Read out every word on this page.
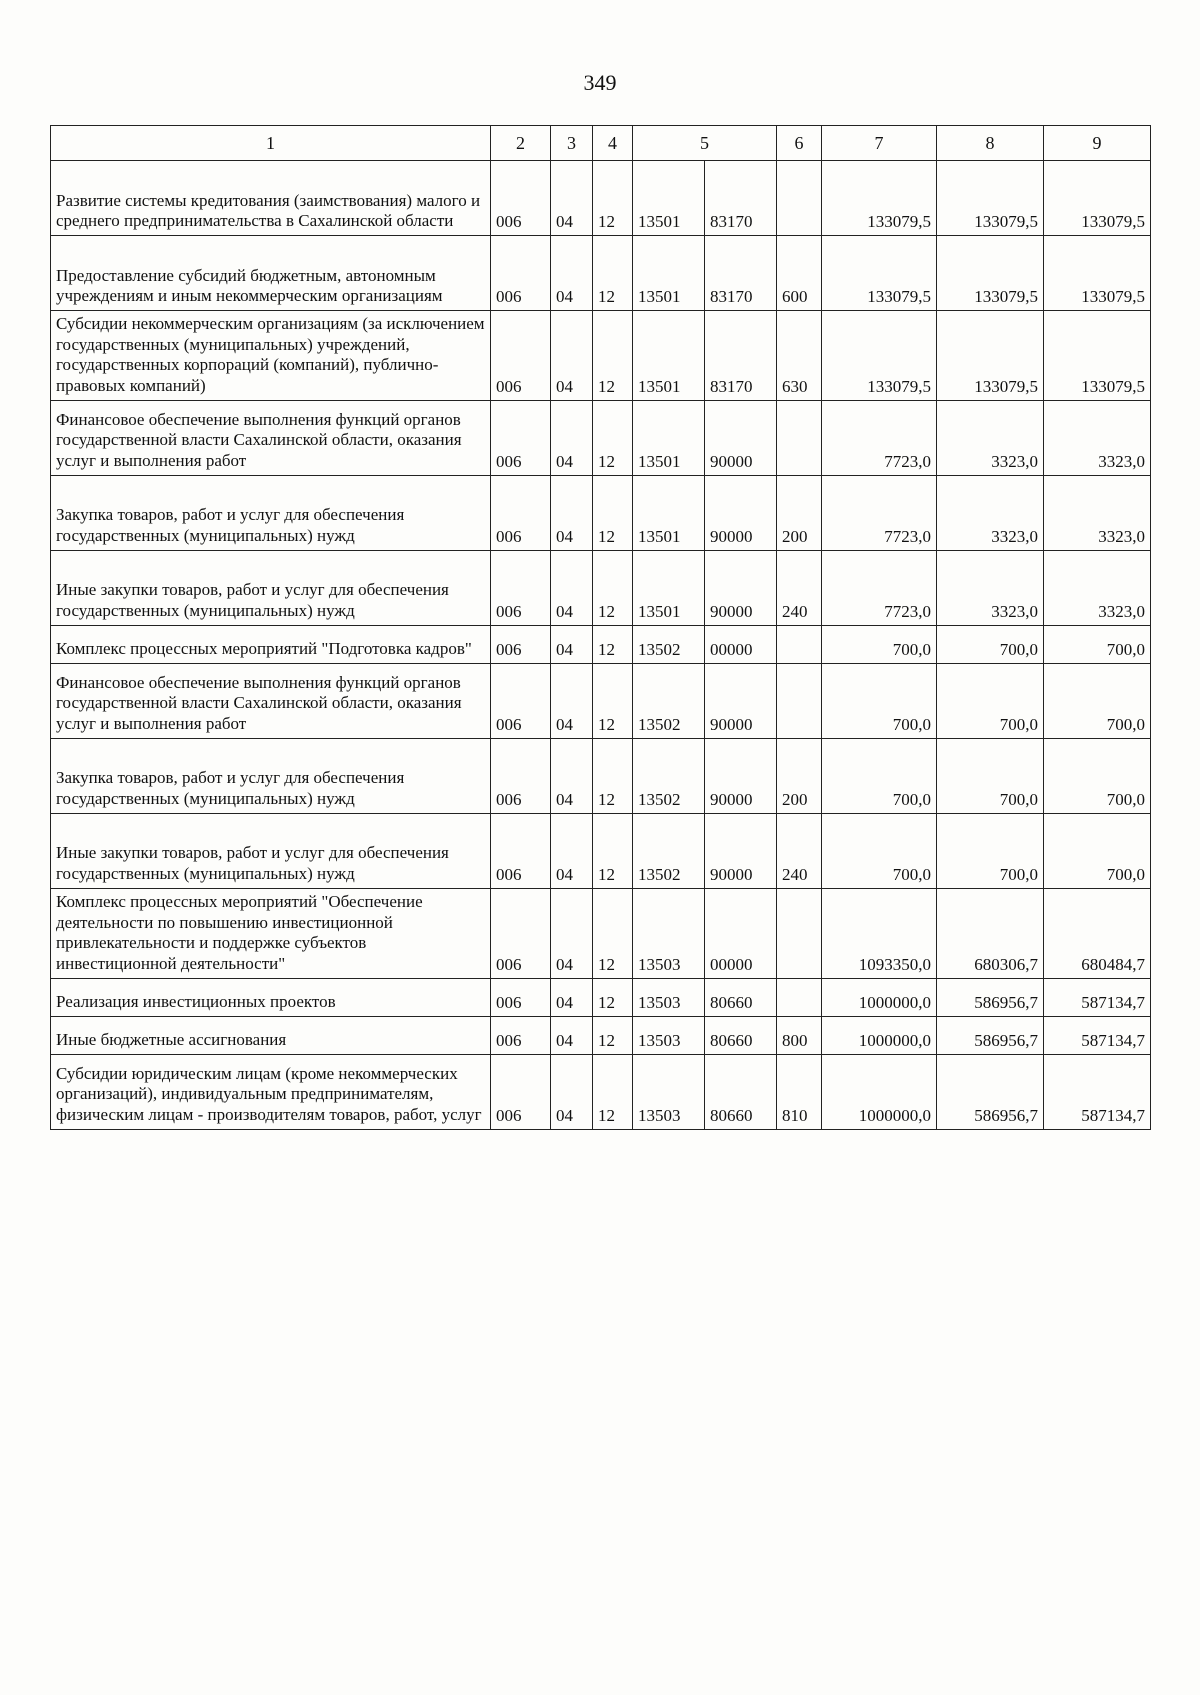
349
1	2	3	4	5		6	7	8	9
Развитие системы кредитования (заимствования) малого и среднего предпринимательства в Сахалинской области	006	04	12	13501	83170		133079,5	133079,5	133079,5
Предоставление субсидий бюджетным, автономным учреждениям и иным некоммерческим организациям	006	04	12	13501	83170	600	133079,5	133079,5	133079,5
Субсидии некоммерческим организациям (за исключением государственных (муниципальных) учреждений, государственных корпораций (компаний), публично-правовых компаний)	006	04	12	13501	83170	630	133079,5	133079,5	133079,5
Финансовое обеспечение выполнения функций органов государственной власти Сахалинской области, оказания услуг и выполнения работ	006	04	12	13501	90000		7723,0	3323,0	3323,0
Закупка товаров, работ и услуг для обеспечения государственных (муниципальных) нужд	006	04	12	13501	90000	200	7723,0	3323,0	3323,0
Иные закупки товаров, работ и услуг для обеспечения государственных (муниципальных) нужд	006	04	12	13501	90000	240	7723,0	3323,0	3323,0
Комплекс процессных мероприятий "Подготовка кадров"	006	04	12	13502	00000		700,0	700,0	700,0
Финансовое обеспечение выполнения функций органов государственной власти Сахалинской области, оказания услуг и выполнения работ	006	04	12	13502	90000		700,0	700,0	700,0
Закупка товаров, работ и услуг для обеспечения государственных (муниципальных) нужд	006	04	12	13502	90000	200	700,0	700,0	700,0
Иные закупки товаров, работ и услуг для обеспечения государственных (муниципальных) нужд	006	04	12	13502	90000	240	700,0	700,0	700,0
Комплекс процессных мероприятий "Обеспечение деятельности по повышению инвестиционной привлекательности и поддержке субъектов инвестиционной деятельности"	006	04	12	13503	00000		1093350,0	680306,7	680484,7
Реализация инвестиционных проектов	006	04	12	13503	80660		1000000,0	586956,7	587134,7
Иные бюджетные ассигнования	006	04	12	13503	80660	800	1000000,0	586956,7	587134,7
Субсидии юридическим лицам (кроме некоммерческих организаций), индивидуальным предпринимателям, физическим лицам - производителям товаров, работ, услуг	006	04	12	13503	80660	810	1000000,0	586956,7	587134,7
